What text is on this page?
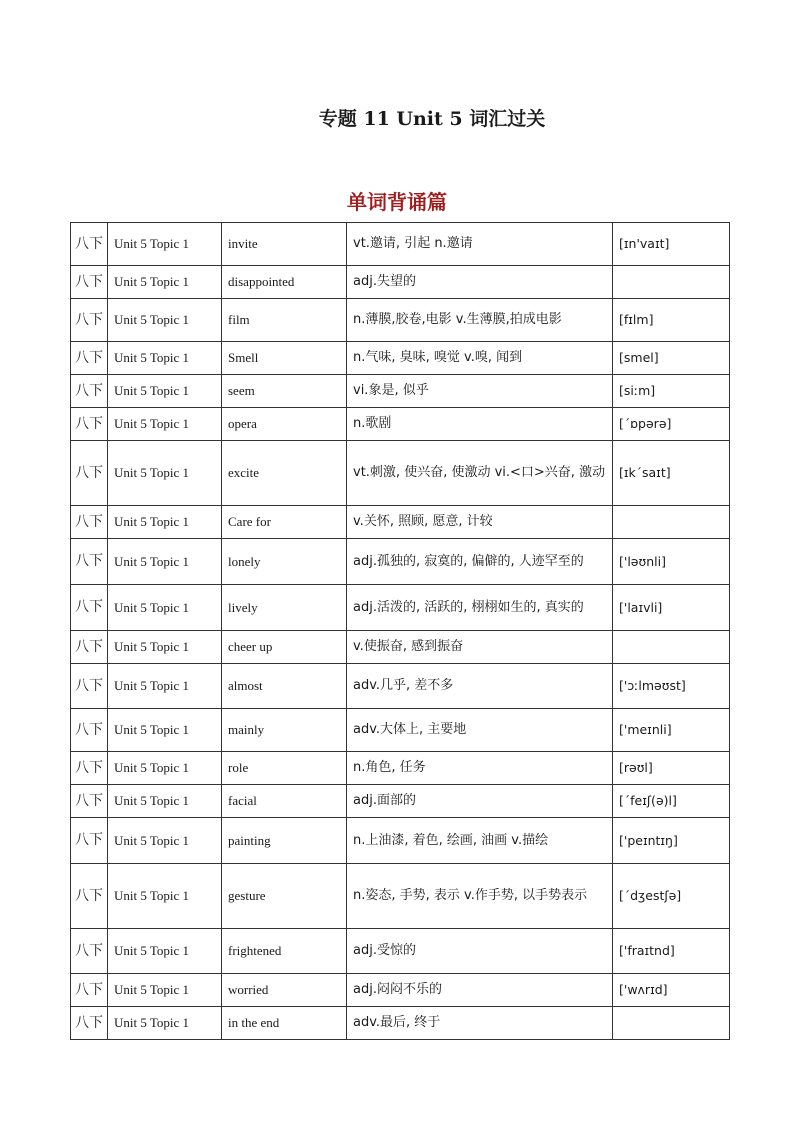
专题 11 Unit 5 词汇过关
单词背诵篇
八下	Unit 5 Topic 1	invite	vt.邀请, 引起 n.邀请	[ɪn'vaɪt]
八下	Unit 5 Topic 1	disappointed	adj.失望的	
八下	Unit 5 Topic 1	film	n.薄膜,胶卷,电影 v.生薄膜,拍成电影	[fɪlm]
八下	Unit 5 Topic 1	Smell	n.气味, 臭味, 嗅觉 v.嗅, 闻到	[smel]
八下	Unit 5 Topic 1	seem	vi.象是, 似乎	[siːm]
八下	Unit 5 Topic 1	opera	n.歌剧	[ˊɒpərə]
八下	Unit 5 Topic 1	excite	vt.刺激, 使兴奋, 使激动 vi.<口>兴奋, 激动	[ɪkˊsaɪt]
八下	Unit 5 Topic 1	Care for	v.关怀, 照顾, 愿意, 计较	
八下	Unit 5 Topic 1	lonely	adj.孤独的, 寂寞的, 偏僻的, 人迹罕至的	['ləʊnli]
八下	Unit 5 Topic 1	lively	adj.活泼的, 活跃的, 栩栩如生的, 真实的	['laɪvli]
八下	Unit 5 Topic 1	cheer up	v.使振奋, 感到振奋	
八下	Unit 5 Topic 1	almost	adv.几乎, 差不多	['ɔːlməʊst]
八下	Unit 5 Topic 1	mainly	adv.大体上, 主要地	['meɪnli]
八下	Unit 5 Topic 1	role	n.角色, 任务	[rəʊl]
八下	Unit 5 Topic 1	facial	adj.面部的	[ˊfeɪʃ(ə)l]
八下	Unit 5 Topic 1	painting	n.上油漆, 着色, 绘画, 油画 v.描绘	['peɪntɪŋ]
八下	Unit 5 Topic 1	gesture	n.姿态, 手势, 表示 v.作手势, 以手势表示	[ˊdʒestʃə]
八下	Unit 5 Topic 1	frightened	adj.受惊的	['fraɪtnd]
八下	Unit 5 Topic 1	worried	adj.闷闷不乐的	['wʌrɪd]
八下	Unit 5 Topic 1	in the end	adv.最后, 终于	
